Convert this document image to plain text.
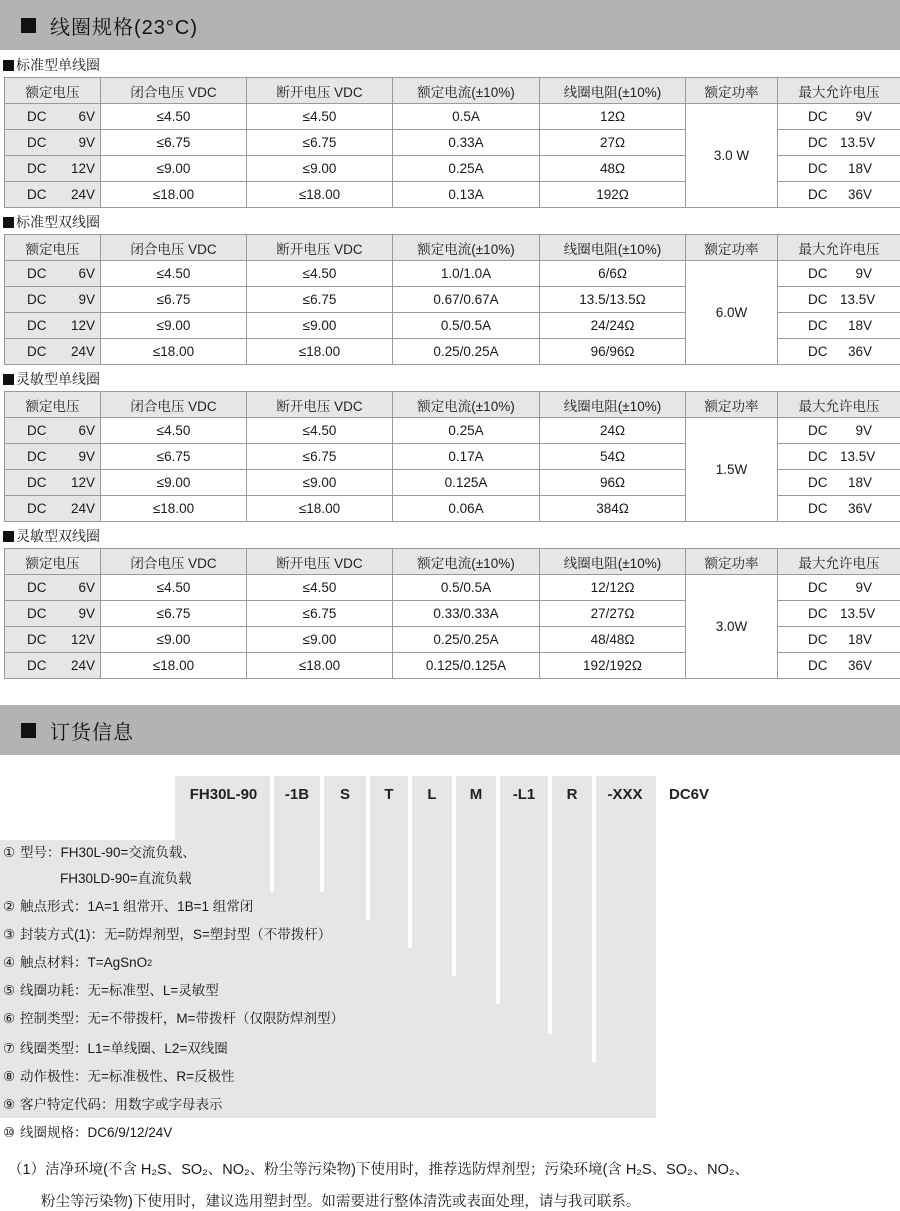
线圈规格(23°C)
标准型单线圈
额定电压	闭合电压 VDC	断开电压 VDC	额定电流(±10%)	线圈电阻(±10%)	额定功率	最大允许电压
DC 6V	≤4.50	≤4.50	0.5A	12Ω	3.0 W	DC 9V
DC 9V	≤6.75	≤6.75	0.33A	27Ω		DC 13.5V
DC 12V	≤9.00	≤9.00	0.25A	48Ω		DC 18V
DC 24V	≤18.00	≤18.00	0.13A	192Ω		DC 36V
标准型双线圈
额定电压	闭合电压 VDC	断开电压 VDC	额定电流(±10%)	线圈电阻(±10%)	额定功率	最大允许电压
DC 6V	≤4.50	≤4.50	1.0/1.0A	6/6Ω	6.0W	DC 9V
DC 9V	≤6.75	≤6.75	0.67/0.67A	13.5/13.5Ω		DC 13.5V
DC 12V	≤9.00	≤9.00	0.5/0.5A	24/24Ω		DC 18V
DC 24V	≤18.00	≤18.00	0.25/0.25A	96/96Ω		DC 36V
灵敏型单线圈
额定电压	闭合电压 VDC	断开电压 VDC	额定电流(±10%)	线圈电阻(±10%)	额定功率	最大允许电压
DC 6V	≤4.50	≤4.50	0.25A	24Ω	1.5W	DC 9V
DC 9V	≤6.75	≤6.75	0.17A	54Ω		DC 13.5V
DC 12V	≤9.00	≤9.00	0.125A	96Ω		DC 18V
DC 24V	≤18.00	≤18.00	0.06A	384Ω		DC 36V
灵敏型双线圈
额定电压	闭合电压 VDC	断开电压 VDC	额定电流(±10%)	线圈电阻(±10%)	额定功率	最大允许电压
DC 6V	≤4.50	≤4.50	0.5/0.5A	12/12Ω	3.0W	DC 9V
DC 9V	≤6.75	≤6.75	0.33/0.33A	27/27Ω		DC 13.5V
DC 12V	≤9.00	≤9.00	0.25/0.25A	48/48Ω		DC 18V
DC 24V	≤18.00	≤18.00	0.125/0.125A	192/192Ω		DC 36V
订货信息
FH30L-90	-1B	S	T	L	M	-L1	R	-XXX	DC6V
① 型号：FH30L-90=交流负载、
FH30LD-90=直流负载
② 触点形式：1A=1 组常开、1B=1 组常闭
③ 封装方式(1)：无=防焊剂型，S=塑封型（不带拨杆）
④ 触点材料：T=AgSnO 2
⑤ 线圈功耗：无=标准型、L=灵敏型
⑥ 控制类型：无=不带拨杆，M=带拨杆（仅限防焊剂型）
⑦ 线圈类型：L1=单线圈、L2=双线圈
⑧ 动作极性：无=标准极性、R=反极性
⑨ 客户特定代码：用数字或字母表示
⑩ 线圈规格：DC6/9/12/24V
（1）洁净环境(不含 H₂S、SO₂、NO₂、粉尘等污染物)下使用时，推荐选防焊剂型；污染环境(含 H₂S、SO₂、NO₂、
粉尘等污染物)下使用时，建议选用塑封型。如需要进行整体清洗或表面处理，请与我司联系。
